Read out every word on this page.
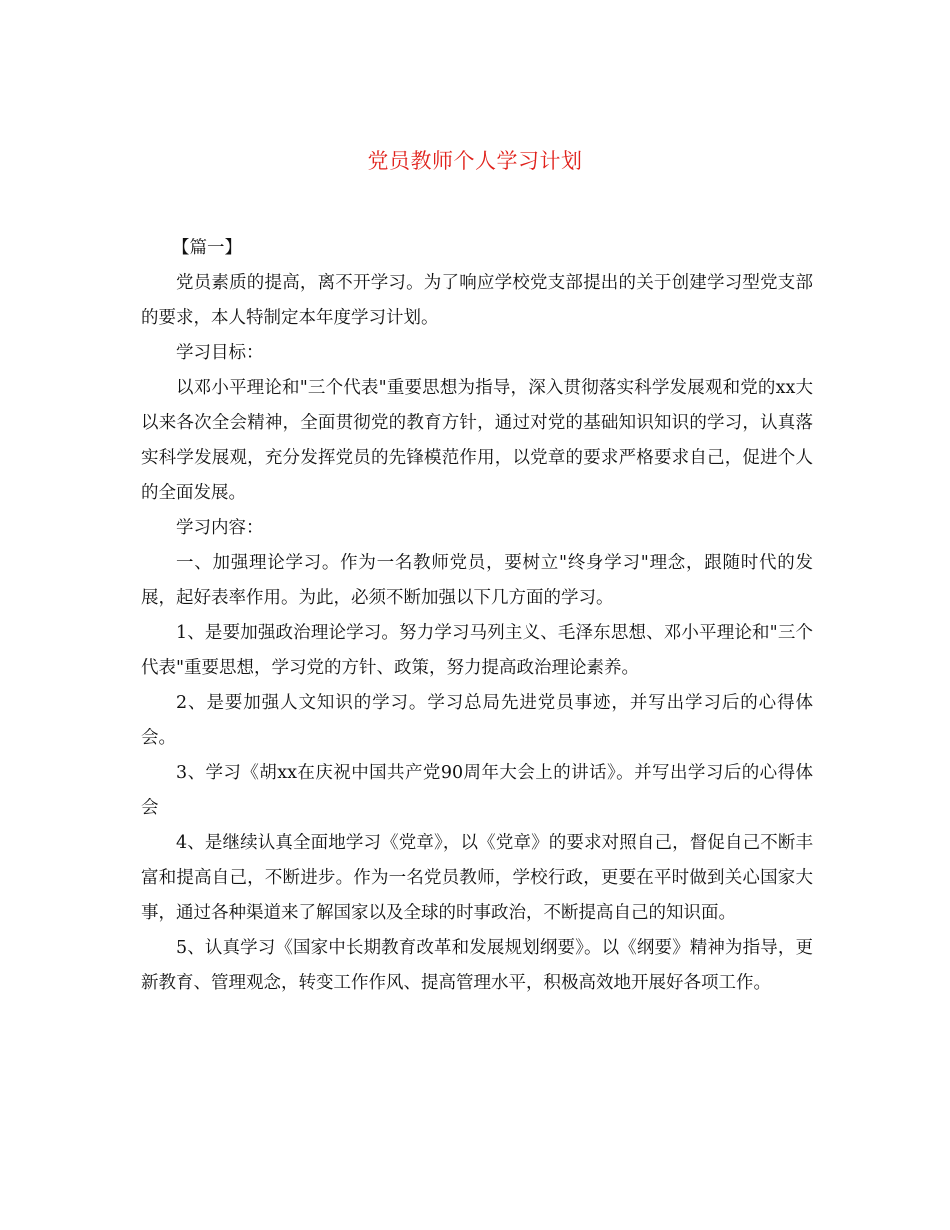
党员教师个人学习计划

【篇一】

党员素质的提高，离不开学习。为了响应学校党支部提出的关于创建学习型党支部的要求，本人特制定本年度学习计划。

学习目标：

以邓小平理论和"三个代表"重要思想为指导，深入贯彻落实科学发展观和党的xx大以来各次全会精神，全面贯彻党的教育方针，通过对党的基础知识知识的学习，认真落实科学发展观，充分发挥党员的先锋模范作用，以党章的要求严格要求自己，促进个人的全面发展。

学习内容：

一、加强理论学习。作为一名教师党员，要树立"终身学习"理念，跟随时代的发展，起好表率作用。为此，必须不断加强以下几方面的学习。

1、是要加强政治理论学习。努力学习马列主义、毛泽东思想、邓小平理论和"三个代表"重要思想，学习党的方针、政策，努力提高政治理论素养。

2、是要加强人文知识的学习。学习总局先进党员事迹，并写出学习后的心得体会。

3、学习《胡xx在庆祝中国共产党90周年大会上的讲话》。并写出学习后的心得体会

4、是继续认真全面地学习《党章》，以《党章》的要求对照自己，督促自己不断丰富和提高自己，不断进步。作为一名党员教师，学校行政，更要在平时做到关心国家大事，通过各种渠道来了解国家以及全球的时事政治，不断提高自己的知识面。

5、认真学习《国家中长期教育改革和发展规划纲要》。以《纲要》精神为指导，更新教育、管理观念，转变工作作风、提高管理水平，积极高效地开展好各项工作。
